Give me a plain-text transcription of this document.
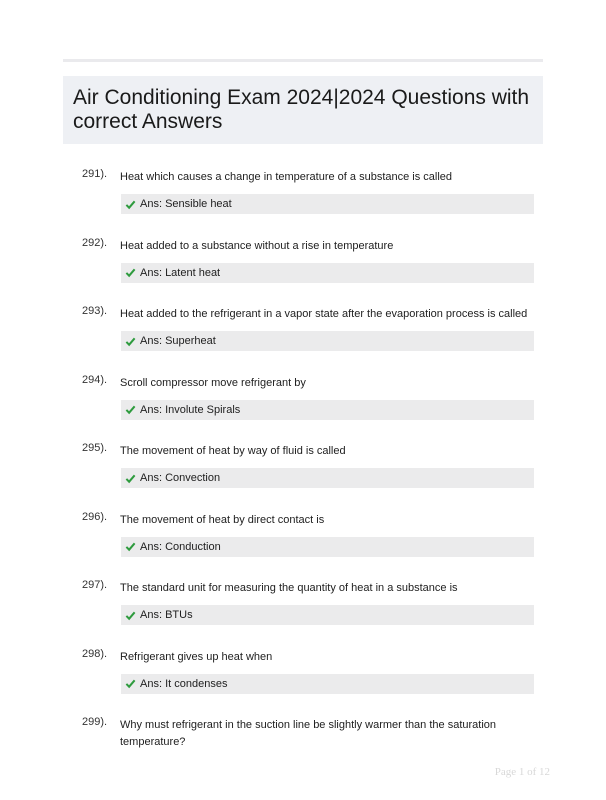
Air Conditioning Exam 2024|2024 Questions with correct Answers
291). Heat which causes a change in temperature of a substance is called
Ans: Sensible heat
292). Heat added to a substance without a rise in temperature
Ans: Latent heat
293). Heat added to the refrigerant in a vapor state after the evaporation process is called
Ans: Superheat
294). Scroll compressor move refrigerant by
Ans: Involute Spirals
295). The movement of heat by way of fluid is called
Ans: Convection
296). The movement of heat by direct contact is
Ans: Conduction
297). The standard unit for measuring the quantity of heat in a substance is
Ans: BTUs
298). Refrigerant gives up heat when
Ans: It condenses
299). Why must refrigerant in the suction line be slightly warmer than the saturation temperature?
Page 1 of 12
